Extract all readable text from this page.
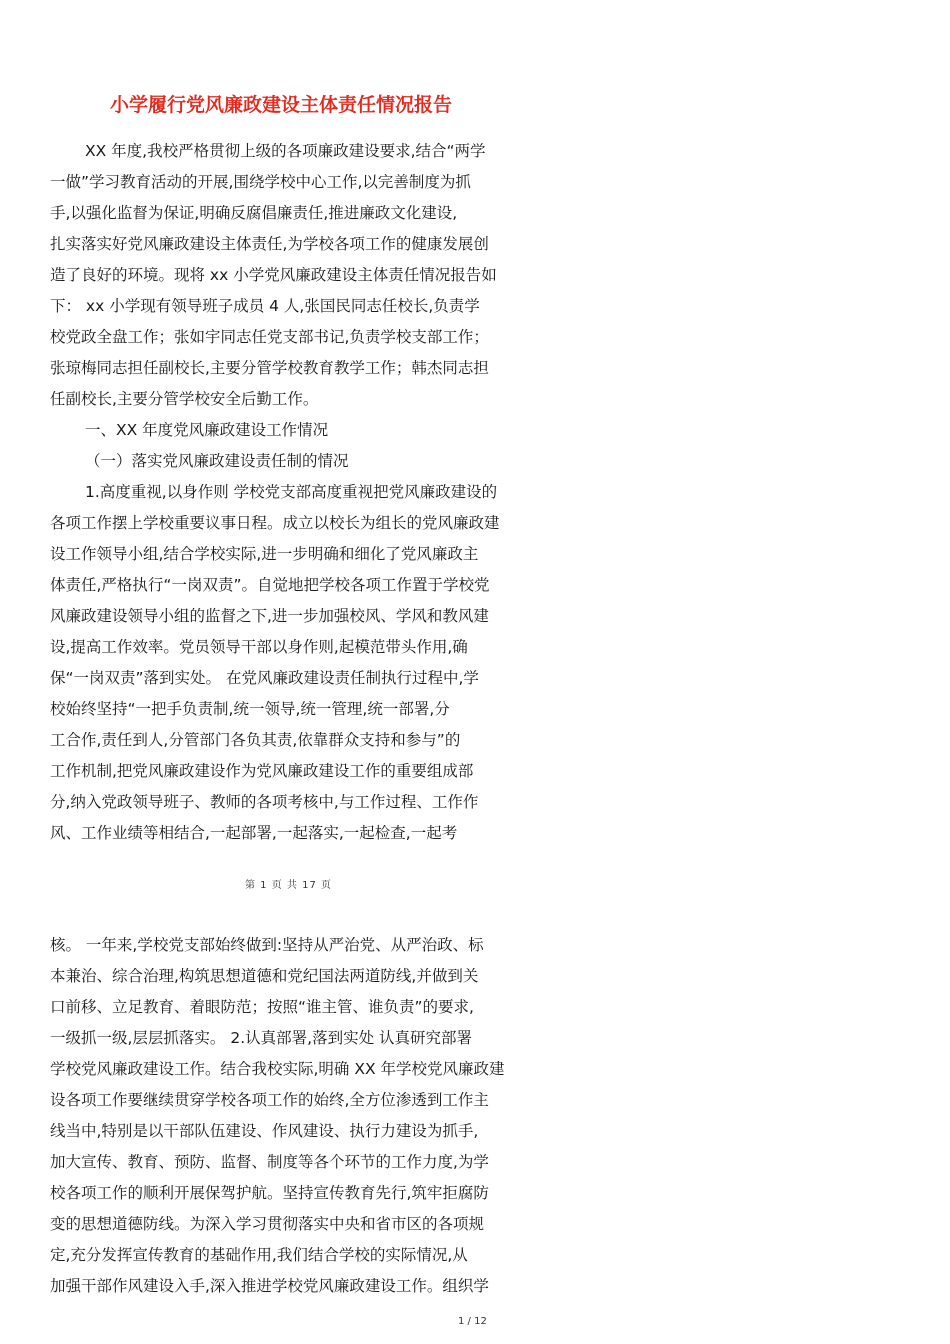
小学履行党风廉政建设主体责任情况报告
XX 年度,我校严格贯彻上级的各项廉政建设要求,结合“两学
一做”学习教育活动的开展,围绕学校中心工作,以完善制度为抓
手,以强化监督为保证,明确反腐倡廉责任,推进廉政文化建设,
扎实落实好党风廉政建设主体责任,为学校各项工作的健康发展创
造了良好的环境。现将 xx 小学党风廉政建设主体责任情况报告如
下： xx 小学现有领导班子成员 4 人,张国民同志任校长,负责学
校党政全盘工作；张如宇同志任党支部书记,负责学校支部工作；
张琼梅同志担任副校长,主要分管学校教育教学工作；韩杰同志担
任副校长,主要分管学校安全后勤工作。
一、XX 年度党风廉政建设工作情况
（一）落实党风廉政建设责任制的情况
1.高度重视,以身作则 学校党支部高度重视把党风廉政建设的
各项工作摆上学校重要议事日程。成立以校长为组长的党风廉政建
设工作领导小组,结合学校实际,进一步明确和细化了党风廉政主
体责任,严格执行“一岗双责”。自觉地把学校各项工作置于学校党
风廉政建设领导小组的监督之下,进一步加强校风、学风和教风建
设,提高工作效率。党员领导干部以身作则,起模范带头作用,确
保“一岗双责”落到实处。 在党风廉政建设责任制执行过程中,学
校始终坚持“一把手负责制,统一领导,统一管理,统一部署,分
工合作,责任到人,分管部门各负其责,依靠群众支持和参与”的
工作机制,把党风廉政建设作为党风廉政建设工作的重要组成部
分,纳入党政领导班子、教师的各项考核中,与工作过程、工作作
风、工作业绩等相结合,一起部署,一起落实,一起检查,一起考
第 1 页 共 17 页
核。 一年来,学校党支部始终做到:坚持从严治党、从严治政、标
本兼治、综合治理,构筑思想道德和党纪国法两道防线,并做到关
口前移、立足教育、着眼防范；按照“谁主管、谁负责”的要求,
一级抓一级,层层抓落实。 2.认真部署,落到实处 认真研究部署
学校党风廉政建设工作。结合我校实际,明确 XX 年学校党风廉政建
设各项工作要继续贯穿学校各项工作的始终,全方位渗透到工作主
线当中,特别是以干部队伍建设、作风建设、执行力建设为抓手,
加大宣传、教育、预防、监督、制度等各个环节的工作力度,为学
校各项工作的顺利开展保驾护航。坚持宣传教育先行,筑牢拒腐防
变的思想道德防线。为深入学习贯彻落实中央和省市区的各项规
定,充分发挥宣传教育的基础作用,我们结合学校的实际情况,从
加强干部作风建设入手,深入推进学校党风廉政建设工作。组织学
1 / 12
